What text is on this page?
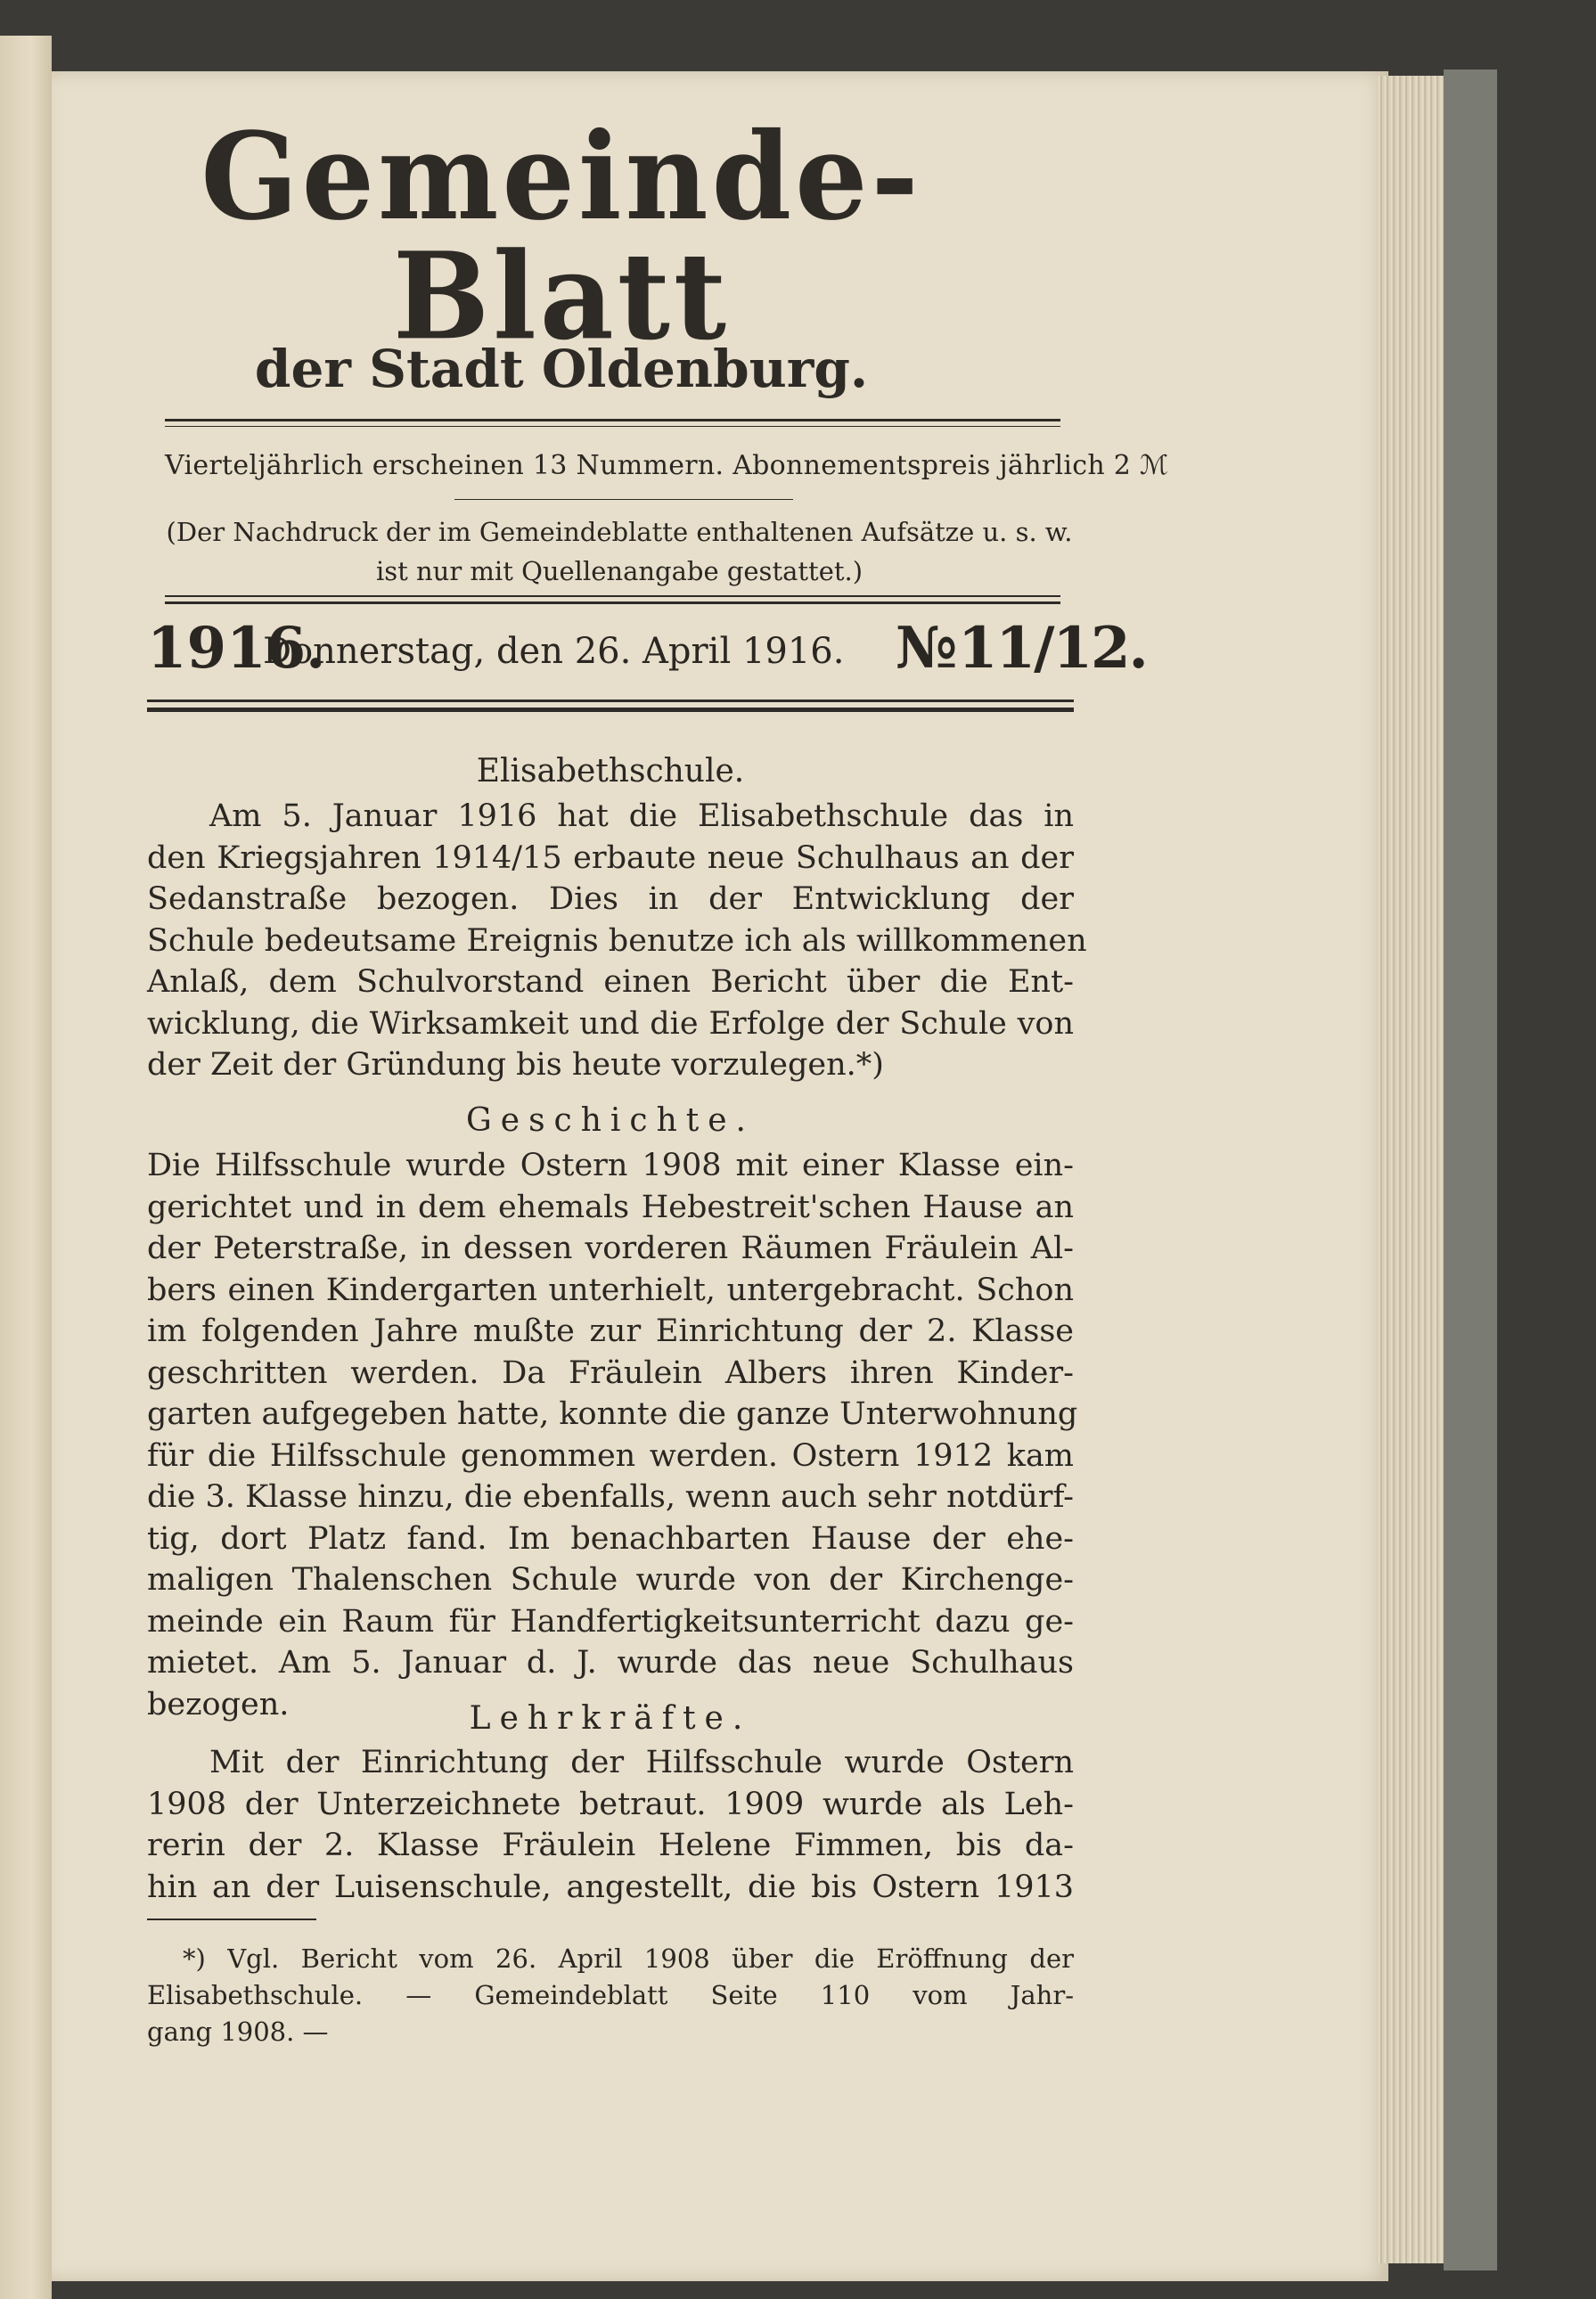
Gemeinde-Blatt
der Stadt Oldenburg.
Vierteljährlich erscheinen 13 Nummern. Abonnementspreis jährlich 2 ℳ
(Der Nachdruck der im Gemeindeblatte enthaltenen Aufsätze u. s. w.
ist nur mit Quellenangabe gestattet.)
1916.
Donnerstag, den 26. April 1916. № 11/12.
Elisabethschule.
Am 5. Januar 1916 hat die Elisabethschule das in
den Kriegsjahren 1914/15 erbaute neue Schulhaus an der
Sedanstraße bezogen. Dies in der Entwicklung der
Schule bedeutsame Ereignis benutze ich als willkommenen
Anlaß, dem Schulvorstand einen Bericht über die Ent-
wicklung, die Wirksamkeit und die Erfolge der Schule von
der Zeit der Gründung bis heute vorzulegen.*)
Geschichte.
Die Hilfsschule wurde Ostern 1908 mit einer Klasse ein-
gerichtet und in dem ehemals Hebestreit'schen Hause an
der Peterstraße, in dessen vorderen Räumen Fräulein Al-
bers einen Kindergarten unterhielt, untergebracht. Schon
im folgenden Jahre mußte zur Einrichtung der 2. Klasse
geschritten werden. Da Fräulein Albers ihren Kinder-
garten aufgegeben hatte, konnte die ganze Unterwohnung
für die Hilfsschule genommen werden. Ostern 1912 kam
die 3. Klasse hinzu, die ebenfalls, wenn auch sehr notdürf-
tig, dort Platz fand. Im benachbarten Hause der ehe-
maligen Thalenschen Schule wurde von der Kirchenge-
meinde ein Raum für Handfertigkeitsunterricht dazu ge-
mietet. Am 5. Januar d. J. wurde das neue Schulhaus
bezogen.	Lehrkräfte.
Mit der Einrichtung der Hilfsschule wurde Ostern
1908 der Unterzeichnete betraut. 1909 wurde als Leh-
rerin der 2. Klasse Fräulein Helene Fimmen, bis da-
hin an der Luisenschule, angestellt, die bis Ostern 1913
*) Vgl. Bericht vom 26. April 1908 über die Eröffnung der
Elisabethschule. — Gemeindeblatt Seite 110 vom Jahr-
gang 1908. —
